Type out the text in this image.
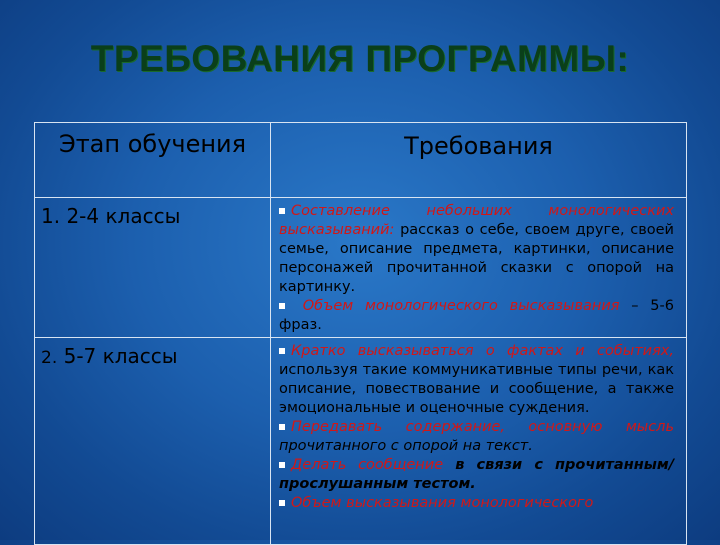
ТРЕБОВАНИЯ ПРОГРАММЫ:
Этап обучения	Требования
1. 2-4 классы	Составление небольших монологических высказываний: рассказ о себе, своем друге, своей семье, описание предмета, картинки, описание персонажей прочитанной сказки с опорой на картинку.

Объем монологического высказывания – 5-6 фраз.

2. 5-7 классы	Кратко высказываться о фактах и событиях, используя такие коммуникативные типы речи, как описание, повествование и сообщение, а также эмоциональные и оценочные суждения.

Передавать содержание, основную мысль прочитанного с опорой на текст.

Делать сообщение в связи с прочитанным/прослушанным тестом.

Объем высказывания монологического
